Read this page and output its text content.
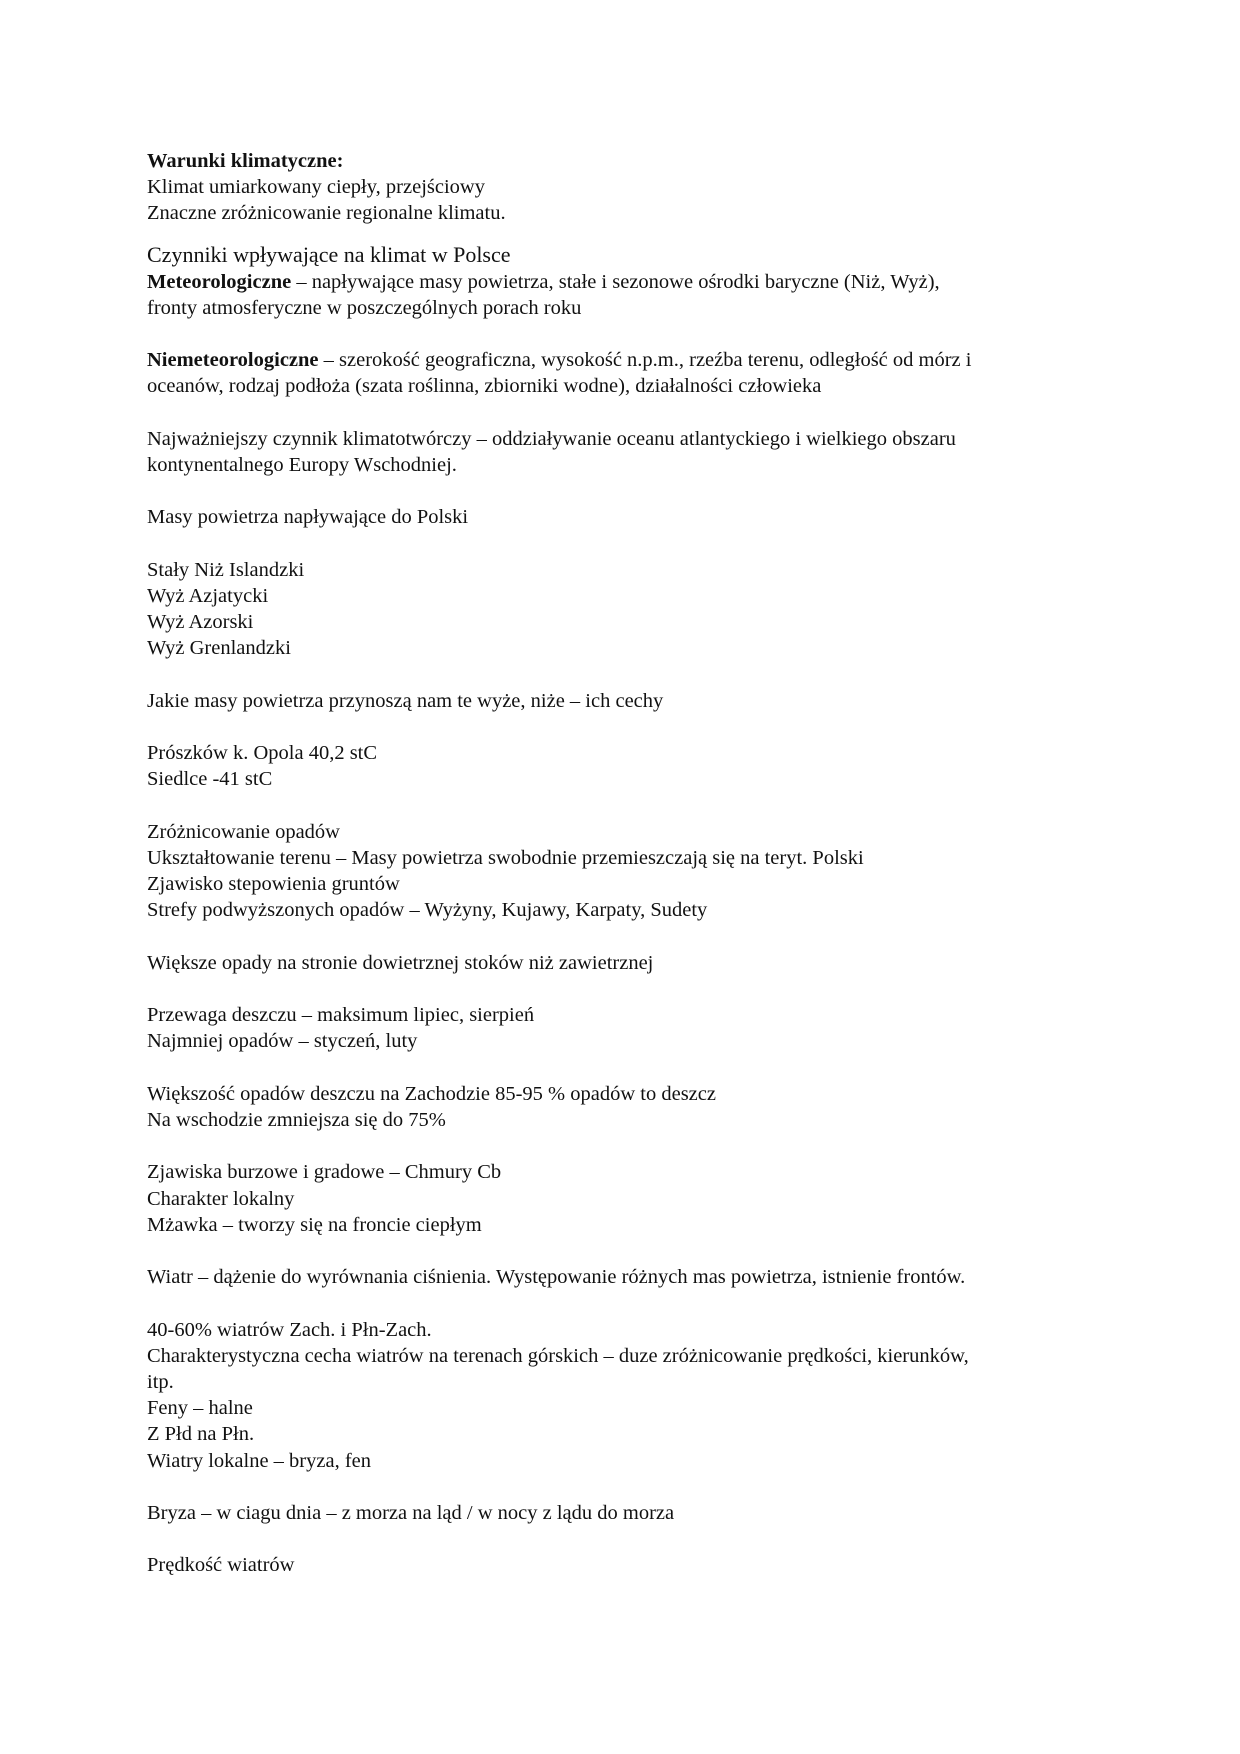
Warunki klimatyczne:
Klimat umiarkowany ciepły, przejściowy
Znaczne zróżnicowanie regionalne klimatu.
Czynniki wpływające na klimat w Polsce
Meteorologiczne – napływające masy powietrza, stałe i sezonowe ośrodki baryczne (Niż, Wyż),
fronty atmosferyczne w poszczególnych porach roku
Niemeteorologiczne – szerokość geograficzna, wysokość n.p.m., rzeźba terenu, odległość od mórz i
oceanów, rodzaj podłoża (szata roślinna, zbiorniki wodne), działalności człowieka
Najważniejszy czynnik klimatotwórczy – oddziaływanie oceanu atlantyckiego i wielkiego obszaru
kontynentalnego Europy Wschodniej.
Masy powietrza napływające do Polski
Stały Niż Islandzki
Wyż Azjatycki
Wyż Azorski
Wyż Grenlandzki
Jakie masy powietrza przynoszą nam te wyże, niże – ich cechy
Prószków k. Opola 40,2 stC
Siedlce -41 stC
Zróżnicowanie opadów
Ukształtowanie terenu – Masy powietrza swobodnie przemieszczają się na teryt. Polski
Zjawisko stepowienia gruntów
Strefy podwyższonych opadów – Wyżyny, Kujawy, Karpaty, Sudety
Większe opady na stronie dowietrznej stoków niż zawietrznej
Przewaga deszczu – maksimum lipiec, sierpień
Najmniej opadów – styczeń, luty
Większość opadów deszczu na Zachodzie 85-95 % opadów to deszcz
Na wschodzie zmniejsza się do 75%
Zjawiska burzowe i gradowe – Chmury Cb
Charakter lokalny
Mżawka – tworzy się na froncie ciepłym
Wiatr – dążenie do wyrównania ciśnienia. Występowanie różnych mas powietrza, istnienie frontów.
40-60% wiatrów Zach. i Płn-Zach.
Charakterystyczna cecha wiatrów na terenach górskich – duze zróżnicowanie prędkości, kierunków,
itp.
Feny – halne
Z Płd na Płn.
Wiatry lokalne – bryza, fen
Bryza – w ciagu dnia – z morza na ląd / w nocy z lądu do morza
Prędkość wiatrów
